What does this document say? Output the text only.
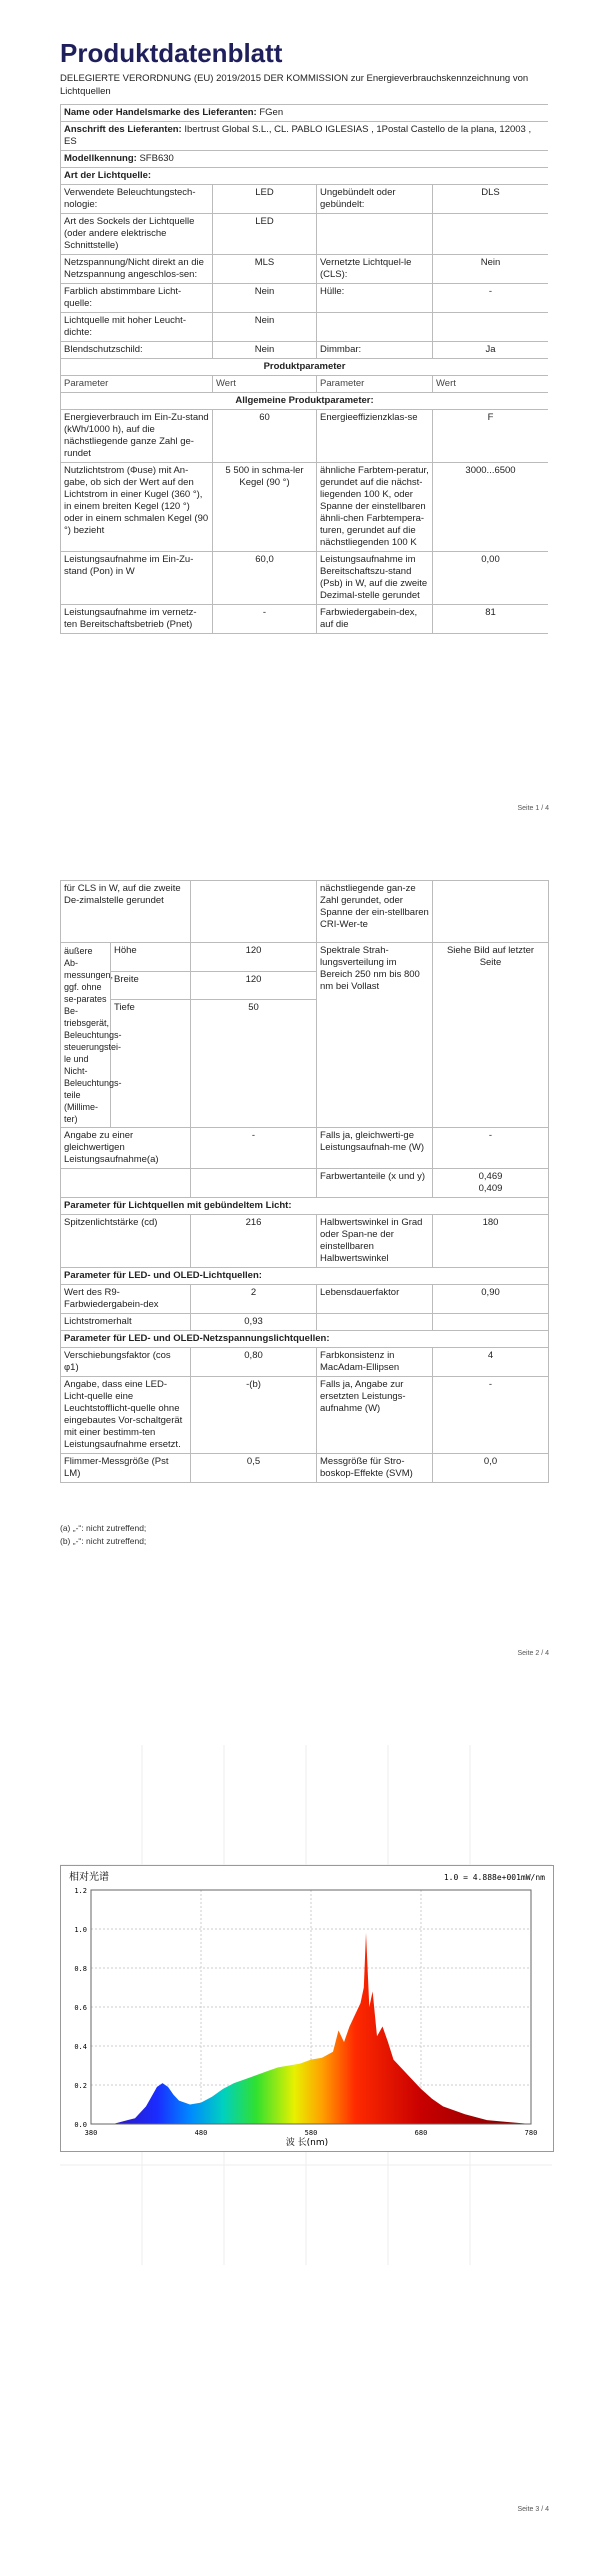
Produktdatenblatt
DELEGIERTE VERORDNUNG (EU) 2019/2015 DER KOMMISSION zur Energieverbrauchskennzeichnung von Lichtquellen
Name oder Handelsmarke des Lieferanten: FGen			
Anschrift des Lieferanten: Ibertrust Global S.L., CL. PABLO IGLESIAS , 1Postal Castello de la plana, 12003 , ES			
Modellkennung: SFB630			
Art der Lichtquelle:			
Verwendete Beleuchtungstech-nologie:	LED	Ungebündelt oder gebündelt:	DLS
Art des Sockels der Lichtquelle (oder andere elektrische Schnittstelle)	LED		
Netzspannung/Nicht direkt an die Netzspannung angeschlos-sen:	MLS	Vernetzte Lichtquel-le (CLS):	Nein
Farblich abstimmbare Licht-quelle:	Nein	Hülle:	-
Lichtquelle mit hoher Leucht-dichte:	Nein		
Blendschutzschild:	Nein	Dimmbar:	Ja
Produktparameter			
Parameter	Wert	Parameter	Wert
Allgemeine Produktparameter:			
Energieverbrauch im Ein-Zu-stand (kWh/1000 h), auf die nächstliegende ganze Zahl ge-rundet	60	Energieeffizienzklas-se	F
Nutzlichtstrom (Φuse) mit An-gabe, ob sich der Wert auf den Lichtstrom in einer Kugel (360 °), in einem breiten Kegel (120 °) oder in einem schmalen Kegel (90 °) bezieht	5 500 in schma-ler Kegel (90 °)	ähnliche Farbtem-peratur, gerundet auf die nächst-liegenden 100 K, oder Spanne der einstellbaren ähnli-chen Farbtempera-turen, gerundet auf die nächstliegenden 100 K	3000...6500
Leistungsaufnahme im Ein-Zu-stand (Pon) in W	60,0	Leistungsaufnahme im Bereitschaftszu-stand (Psb) in W, auf die zweite Dezimal-stelle gerundet	0,00
Leistungsaufnahme im vernetz-ten Bereitschaftsbetrieb (Pnet)	-	Farbwiedergabein-dex, auf die	81
Seite 1 / 4
für CLS in W, auf die zweite De-zimalstelle gerundet			nächstliegende gan-ze Zahl gerundet, oder Spanne der ein-stellbaren CRI-Wer-te	
äußere Ab-messungen, ggf. ohne se-parates Be-triebsgerät, Beleuchtungs-steuerungstei-le und Nicht-Beleuchtungs-teile (Millime-ter)	Höhe	120	Spektrale Strah-lungsverteilung im Bereich 250 nm bis 800 nm bei Vollast	Siehe Bild auf letzter Seite
	Breite	120		
	Tiefe	50		
Angabe zu einer gleichwertigen Leistungsaufnahme(a)		-	Falls ja, gleichwerti-ge Leistungsaufnah-me (W)	-
			Farbwertanteile (x und y)	0,469
0,409
Parameter für Lichtquellen mit gebündeltem Licht:				
Spitzenlichtstärke (cd)		216	Halbwertswinkel in Grad oder Span-ne der einstellbaren Halbwertswinkel	180
Parameter für LED- und OLED-Lichtquellen:				
Wert des R9-Farbwiedergabein-dex		2	Lebensdauerfaktor	0,90
Lichtstromerhalt		0,93		
Parameter für LED- und OLED-Netzspannungslichtquellen:				
Verschiebungsfaktor (cos φ1)		0,80	Farbkonsistenz in MacAdam-Ellipsen	4
Angabe, dass eine LED-Licht-quelle eine Leuchtstofflicht-quelle ohne eingebautes Vor-schaltgerät mit einer bestimm-ten Leistungsaufnahme ersetzt.		-(b)	Falls ja, Angabe zur ersetzten Leistungs-aufnahme (W)	-
Flimmer-Messgröße (Pst LM)		0,5	Messgröße für Stro-boskop-Effekte (SVM)	0,0
(a) „-“: nicht zutreffend;
(b) „-“: nicht zutreffend;
Seite 2 / 4
Seite 3 / 4
0.0
0.2
0.4
0.6
0.8
1.0
1.2
380	480	580	680	780
相对光谱	1.0 = 4.888e+001mW/nm
波 长(nm)
